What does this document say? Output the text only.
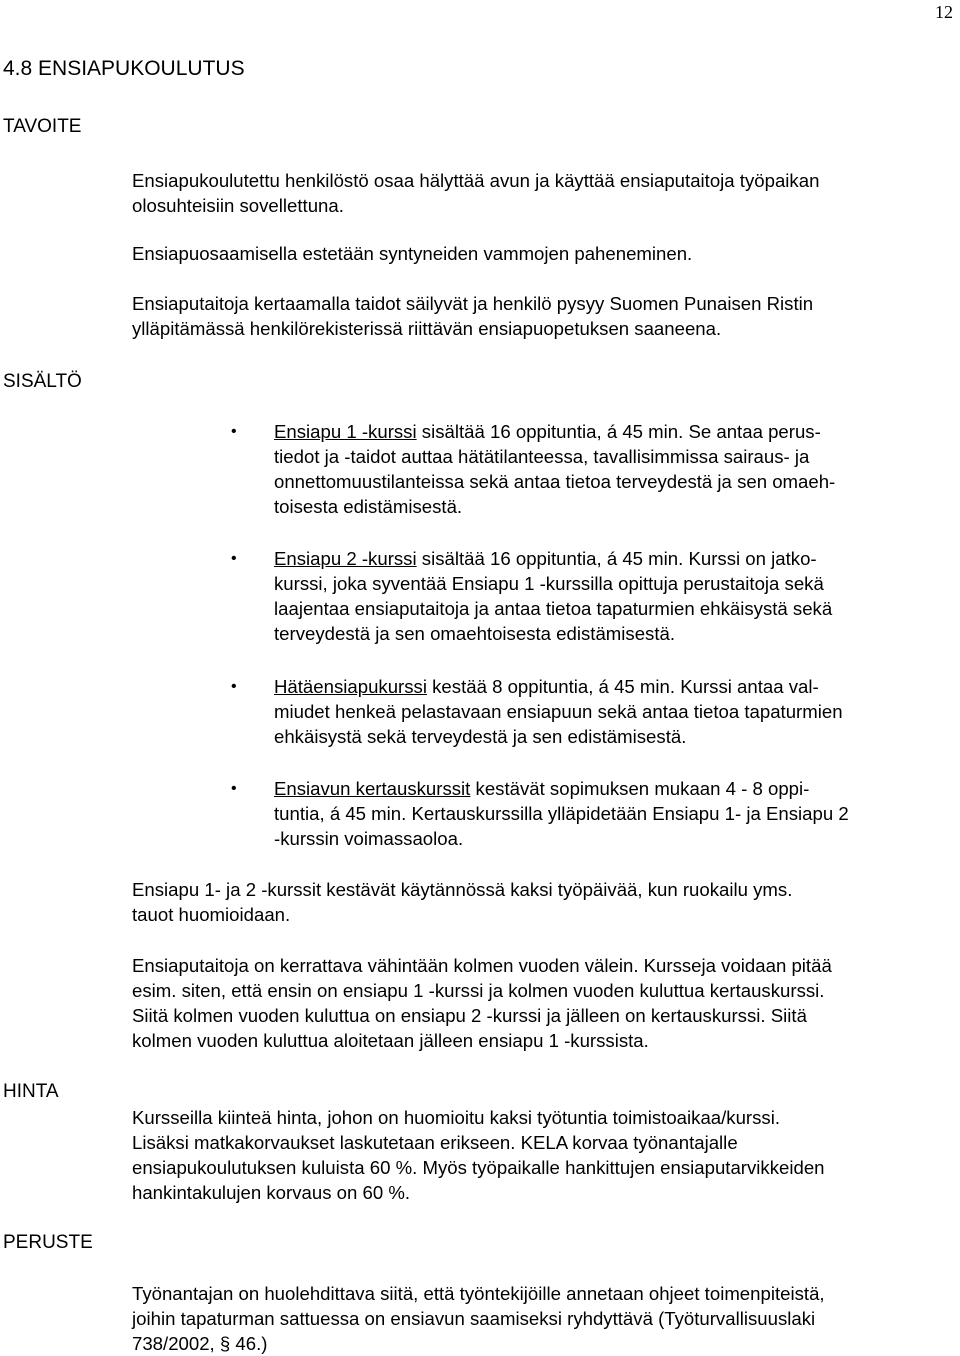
12
4.8 ENSIAPUKOULUTUS
TAVOITE
SISÄLTÖ
HINTA
PERUSTE

Ensiapukoulutettu henkilöstö osaa hälyttää avun ja käyttää ensiaputaitoja työpaikan

olosuhteisiin sovellettuna.

Ensiapuosaamisella estetään syntyneiden vammojen paheneminen.

Ensiaputaitoja kertaamalla taidot säilyvät ja henkilö pysyy Suomen Punaisen Ristin

ylläpitämässä henkilörekisterissä riittävän ensiapuopetuksen saaneena.

•	Ensiapu 1 -kurssi sisältää 16 oppituntia, á 45 min. Se antaa perus-

tiedot ja -taidot auttaa hätätilanteessa, tavallisimmissa sairaus- ja

onnettomuustilanteissa sekä antaa tietoa terveydestä ja sen omaeh-

toisesta edistämisestä.

•	Ensiapu 2 -kurssi sisältää 16 oppituntia, á 45 min. Kurssi on jatko-

kurssi, joka syventää Ensiapu 1 -kurssilla opittuja perustaitoja sekä

laajentaa ensiaputaitoja ja antaa tietoa tapaturmien ehkäisystä sekä

terveydestä ja sen omaehtoisesta edistämisestä.

•	Hätäensiapukurssi kestää 8 oppituntia, á 45 min. Kurssi antaa val-

miudet henkeä pelastavaan ensiapuun sekä antaa tietoa tapaturmien

ehkäisystä sekä terveydestä ja sen edistämisestä.

•	Ensiavun kertauskurssit kestävät sopimuksen mukaan 4 - 8 oppi-

tuntia, á 45 min. Kertauskurssilla ylläpidetään Ensiapu 1- ja Ensiapu 2

-kurssin voimassaoloa.

Ensiapu 1- ja 2 -kurssit kestävät käytännössä kaksi työpäivää, kun ruokailu yms.

tauot huomioidaan.

Ensiaputaitoja on kerrattava vähintään kolmen vuoden välein. Kursseja voidaan pitää

esim. siten, että ensin on ensiapu 1 -kurssi ja kolmen vuoden kuluttua kertauskurssi.

Siitä kolmen vuoden kuluttua on ensiapu 2 -kurssi ja jälleen on kertauskurssi. Siitä

kolmen vuoden kuluttua aloitetaan jälleen ensiapu 1 -kurssista.

Kursseilla kiinteä hinta, johon on huomioitu kaksi työtuntia toimistoaikaa/kurssi.

Lisäksi matkakorvaukset laskutetaan erikseen. KELA korvaa työnantajalle

ensiapukoulutuksen kuluista 60 %. Myös työpaikalle hankittujen ensiaputarvikkeiden

hankintakulujen korvaus on 60 %.

Työnantajan on huolehdittava siitä, että työntekijöille annetaan ohjeet toimenpiteistä,

joihin tapaturman sattuessa on ensiavun saamiseksi ryhdyttävä (Työturvallisuuslaki

738/2002, § 46.)
